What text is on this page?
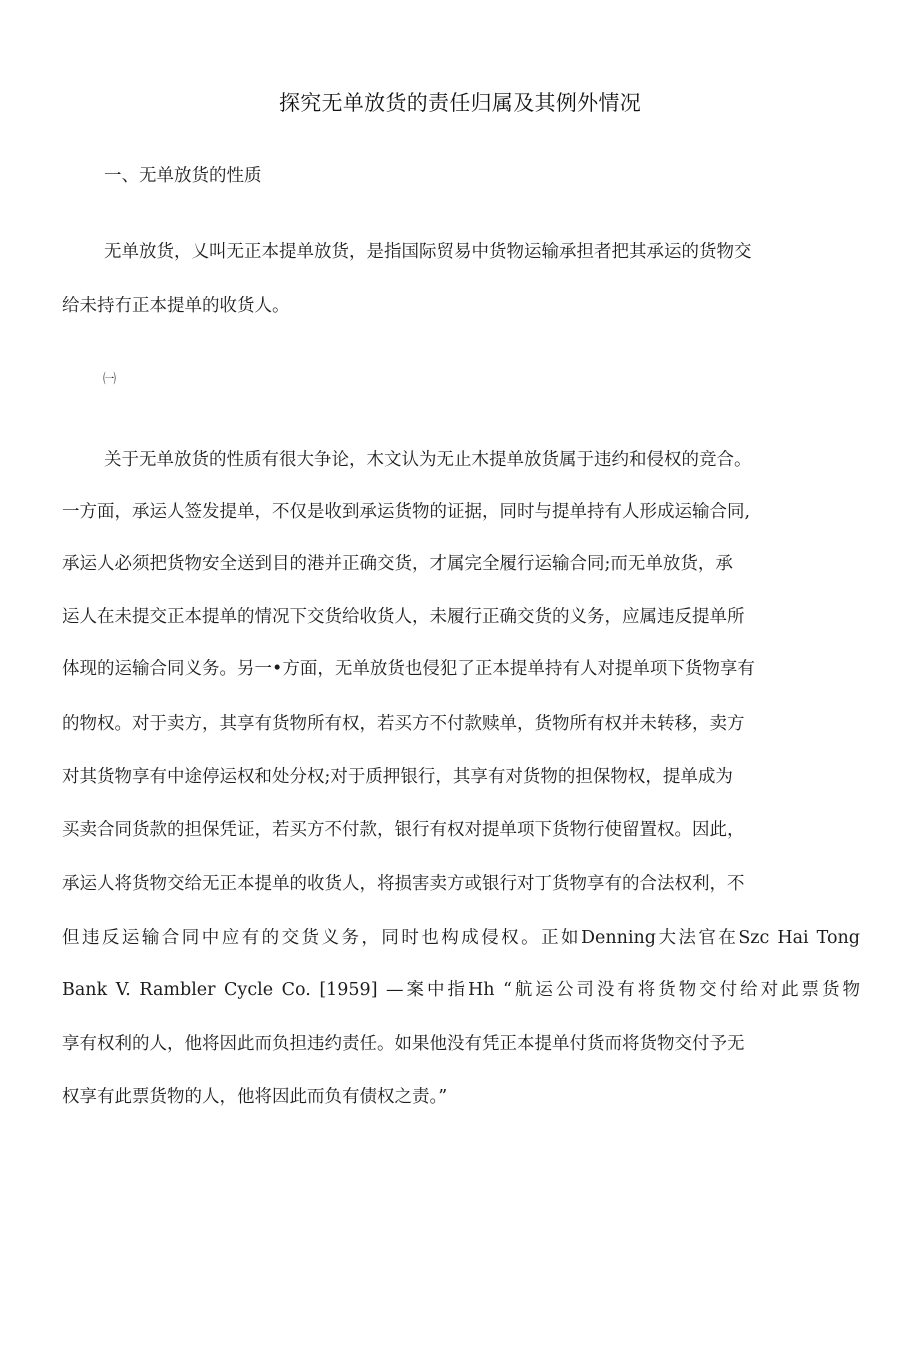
探究无单放货的责任归属及其例外情况
一、无单放货的性质
无单放货，乂叫无正本提单放货，是指国际贸易中货物运输承担者把其承运的货物交
给未持冇正本提单的收货人。
㈠
关于无单放货的性质有很大争论，木文认为无止木提单放货属于违约和侵权的竞合。
一方面，承运人签发提单，不仅是收到承运货物的证据，同时与提单持有人形成运输合同,
承运人必须把货物安全送到目的港并正确交货，才属完全履行运输合同;而无单放货，承
运人在未提交正本提单的情况下交货给收货人，未履行正确交货的义务，应属违反提单所
体现的运输合同义务。另一•方面，无单放货也侵犯了正本提单持有人对提单项下货物享有
的物权。对于卖方，其享有货物所有权，若买方不付款赎单，货物所有权并未转移，卖方
对其货物享有中途停运权和处分权;对于质押银行，其享有对货物的担保物权，提单成为
买卖合同货款的担保凭证，若买方不付款，银行有权对提单项下货物行使留置权。因此，
承运人将货物交给无正本提单的收货人，将损害卖方或银行对丁货物享有的合法权利，不
但违反运输合同中应有的交货义务，同时也构成侵权。正如Denning大法官在Szc Hai Tong
Bank V. Rambler Cycle Co. [1959] —案中指Hh “航运公司没有将货物交付给对此票货物
享有权利的人，他将因此而负担违约责任。如果他没有凭正本提单付货而将货物交付予无
权享有此票货物的人，他将因此而负有债权之责。”
